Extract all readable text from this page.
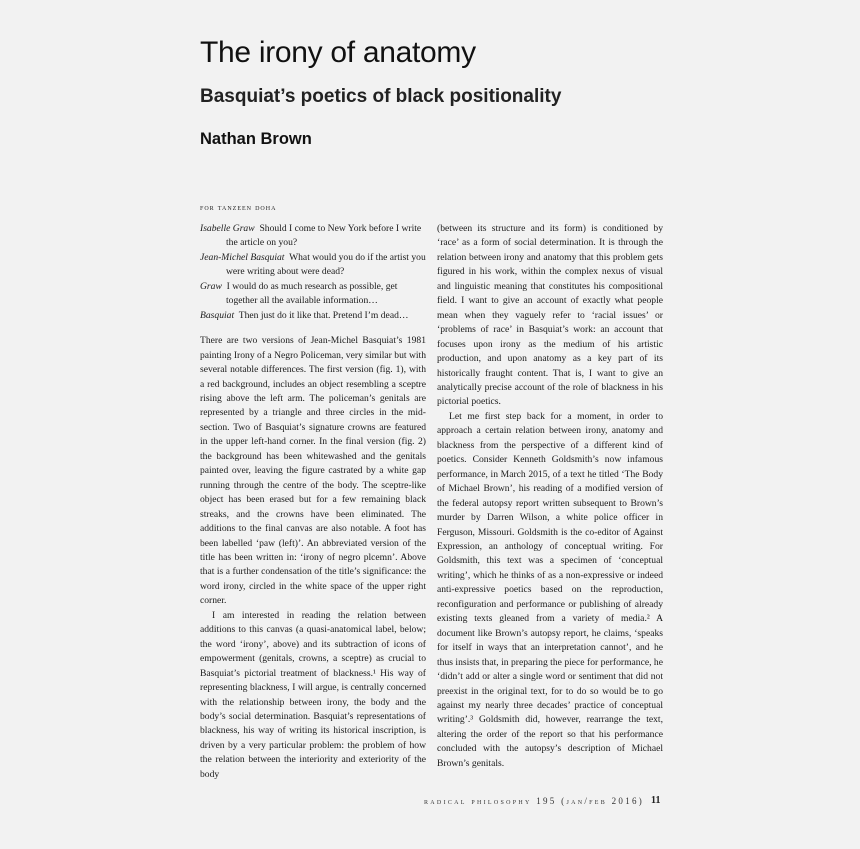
The irony of anatomy
Basquiat’s poetics of black positionality
Nathan Brown
for tanzeen doha

Isabelle Graw Should I come to New York before I write the article on you?

Jean-Michel Basquiat What would you do if the artist you were writing about were dead?

Graw I would do as much research as possible, get together all the available information…

Basquiat Then just do it like that. Pretend I’m dead…

There are two versions of Jean-Michel Basquiat’s 1981 painting Irony of a Negro Policeman, very similar but with several notable differences. The first version (fig. 1), with a red background, includes an object resembling a sceptre rising above the left arm. The policeman’s genitals are represented by a triangle and three circles in the mid-section. Two of Basquiat’s signature crowns are featured in the upper left-hand corner. In the final version (fig. 2) the background has been whitewashed and the genitals painted over, leaving the figure castrated by a white gap running through the centre of the body. The sceptre-like object has been erased but for a few remaining black streaks, and the crowns have been eliminated. The additions to the final canvas are also notable. A foot has been labelled ‘paw (left)’. An abbreviated version of the title has been written in: ‘irony of negro plcemn’. Above that is a further condensation of the title’s significance: the word irony, circled in the white space of the upper right corner.

I am interested in reading the relation between additions to this canvas (a quasi-anatomical label, below; the word ‘irony’, above) and its subtraction of icons of empowerment (genitals, crowns, a sceptre) as crucial to Basquiat’s pictorial treatment of blackness.¹ His way of representing blackness, I will argue, is centrally concerned with the relationship between irony, the body and the body’s social determination. Basquiat’s representations of blackness, his way of writing its historical inscription, is driven by a very particular problem: the problem of how the relation between the interiority and exteriority of the body

(between its structure and its form) is conditioned by ‘race’ as a form of social determination. It is through the relation between irony and anatomy that this problem gets figured in his work, within the complex nexus of visual and linguistic meaning that constitutes his compositional field. I want to give an account of exactly what people mean when they vaguely refer to ‘racial issues’ or ‘problems of race’ in Basquiat’s work: an account that focuses upon irony as the medium of his artistic production, and upon anatomy as a key part of its historically fraught content. That is, I want to give an analytically precise account of the role of blackness in his pictorial poetics.

Let me first step back for a moment, in order to approach a certain relation between irony, anatomy and blackness from the perspective of a different kind of poetics. Consider Kenneth Goldsmith’s now infamous performance, in March 2015, of a text he titled ‘The Body of Michael Brown’, his reading of a modified version of the federal autopsy report written subsequent to Brown’s murder by Darren Wilson, a white police officer in Ferguson, Missouri. Goldsmith is the co-editor of Against Expression, an anthology of conceptual writing. For Goldsmith, this text was a specimen of ‘conceptual writing’, which he thinks of as a non-expressive or indeed anti-expressive poetics based on the reproduction, reconfiguration and performance or publishing of already existing texts gleaned from a variety of media.² A document like Brown’s autopsy report, he claims, ‘speaks for itself in ways that an interpretation cannot’, and he thus insists that, in preparing the piece for performance, he ‘didn’t add or alter a single word or sentiment that did not preexist in the original text, for to do so would be to go against my nearly three decades’ practice of conceptual writing’.³ Goldsmith did, however, rearrange the text, altering the order of the report so that his performance concluded with the autopsy’s description of Michael Brown’s genitals.

radical philosophy 195 (jan/feb 2016) 11
